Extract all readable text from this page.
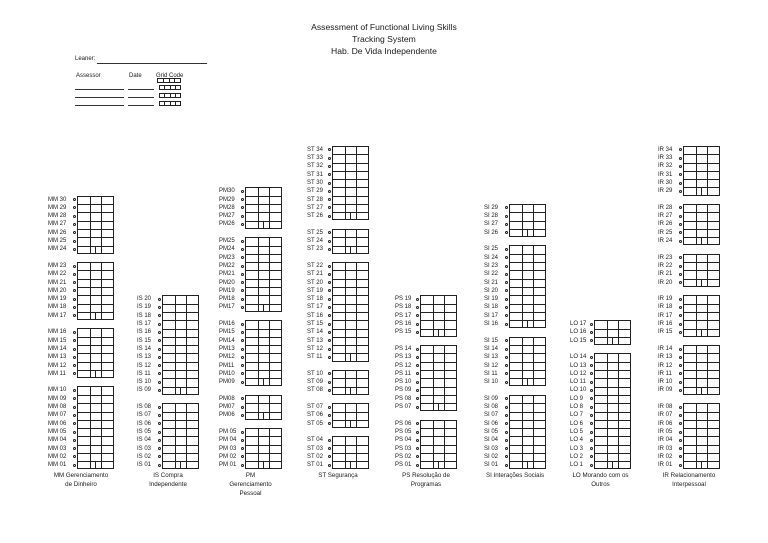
Assessment of Functional Living Skills
Tracking System
Hab. De Vida Independente
Leaner:
Assessor	Date Grid Code
MM 30
MM 29
MM 28
MM 27
MM 26
MM 25
MM 24
MM 23
MM 22
MM 21
MM 20
MM 19
MM 18
MM 17
MM 16
MM 15
MM 14
MM 13
MM 12
MM 11
MM 10
MM 09
MM 08
MM 07
MM 06
MM 05
MM 04
MM 03
MM 02
MM 01
MM Gerenciamento
de Dinheiro
IS 20
IS 19
IS 18
IS 17
IS 16
IS 15
IS 14
IS 13
IS 12
IS 11
IS 10
IS 09
IS 08
IS 07
IS 06
IS 05
IS 04
IS 03
IS 02
IS 01
IS Compra
Independente
PM30
PM29
PM28
PM27
PM26
PM25
PM24
PM23
PM22
PM21
PM20
PM19
PM18
PM17
PM16
PM15
PM14
PM13
PM12
PM11
PM10
PM09
PM08
PM07
PM06
PM 05
PM 04
PM 03
PM 02
PM 01
PM
Gerenciamento
Pessoal
ST 34
ST 33
ST 32
ST 31
ST 30
ST 29
ST 28
ST 27
ST 26
ST 25
ST 24
ST 23
ST 22
ST 21
ST 20
ST 19
ST 18
ST 17
ST 16
ST 15
ST 14
ST 13
ST 12
ST 11
ST 10
ST 09
ST 08
ST 07
ST 06
ST 05
ST 04
ST 03
ST 02
ST 01
ST Segurança
PS 19
PS 18
PS 17
PS 16
PS 15
PS 14
PS 13
PS 12
PS 11
PS 10
PS 09
PS 08
PS 07
PS 06
PS 05
PS 04
PS 03
PS 02
PS 01
PS Resolução de
Programas
SI 29
SI 28
SI 27
SI 26
SI 25
SI 24
SI 23
SI 22
SI 21
SI 20
SI 19
SI 18
SI 17
SI 16
SI 15
SI 14
SI 13
SI 12
SI 11
SI 10
SI 09
SI 08
SI 07
SI 06
SI 05
SI 04
SI 03
SI 02
SI 01
SI Interações Sociais
LO 17
LO 16
LO 15
LO 14
LO 13
LO 12
LO 11
LO 10
LO 9
LO 8
LO 7
LO 6
LO 5
LO 4
LO 3
LO 2
LO 1
LO Morando com os
Outros
IR 34
IR 33
IR 32
IR 31
IR 30
IR 29
IR 28
IR 27
IR 26
IR 25
IR 24
IR 23
IR 22
IR 21
IR 20
IR 19
IR 18
IR 17
IR 16
IR 15
IR 14
IR 13
IR 12
IR 11
IR 10
IR 09
IR 08
IR 07
IR 06
IR 05
IR 04
IR 03
IR 02
IR 01
IR Relacionamento
Interpessoal
